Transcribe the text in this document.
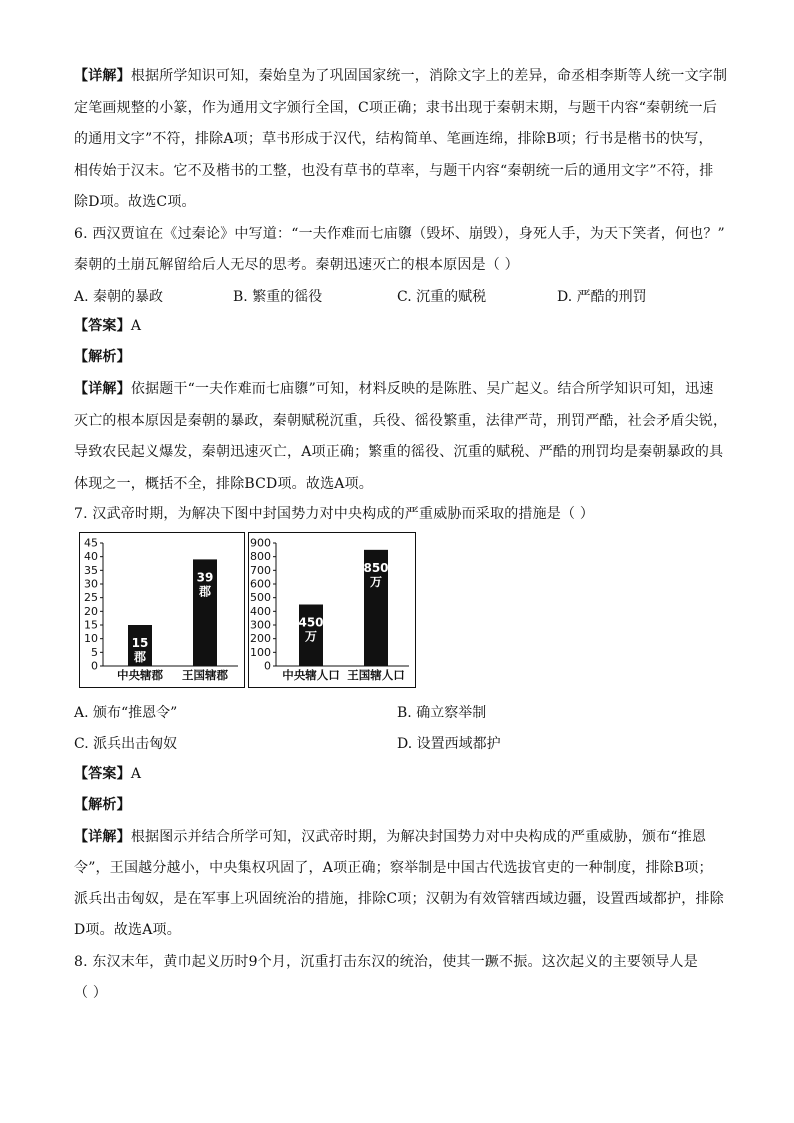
【详解】根据所学知识可知，秦始皇为了巩固国家统一，消除文字上的差异，命丞相李斯等人统一文字制
定笔画规整的小篆，作为通用文字颁行全国，C项正确；隶书出现于秦朝末期，与题干内容“秦朝统一后
的通用文字”不符，排除A项；草书形成于汉代，结构简单、笔画连绵，排除B项；行书是楷书的快写，
相传始于汉末。它不及楷书的工整，也没有草书的草率，与题干内容“秦朝统一后的通用文字”不符，排
除D项。故选C项。
6. 西汉贾谊在《过秦论》中写道：“一夫作难而七庙隳（毁坏、崩毁），身死人手，为天下笑者，何也？”
秦朝的土崩瓦解留给后人无尽的思考。秦朝迅速灭亡的根本原因是（ ）
A. 秦朝的暴政	B. 繁重的徭役	C. 沉重的赋税	D. 严酷的刑罚
【答案】A
【解析】
【详解】依据题干“一夫作难而七庙隳”可知，材料反映的是陈胜、吴广起义。结合所学知识可知，迅速
灭亡的根本原因是秦朝的暴政，秦朝赋税沉重，兵役、徭役繁重，法律严苛，刑罚严酷，社会矛盾尖锐，
导致农民起义爆发，秦朝迅速灭亡，A项正确；繁重的徭役、沉重的赋税、严酷的刑罚均是秦朝暴政的具
体现之一，概括不全，排除BCD项。故选A项。
7. 汉武帝时期，为解决下图中封国势力对中央构成的严重威胁而采取的措施是（ ）
0
5
10
15
20
25
30
35
40
45
15
郡
中央辖郡
39
郡
王国辖郡
0
100
200
300
400
500
600
700
800
900
450
万
中央辖人口
850
万
王国辖人口
A. 颁布“推恩令”	B. 确立察举制
C. 派兵出击匈奴	D. 设置西域都护
【答案】A
【解析】
【详解】根据图示并结合所学可知，汉武帝时期，为解决封国势力对中央构成的严重威胁，颁布“推恩
令”，王国越分越小，中央集权巩固了，A项正确；察举制是中国古代选拔官吏的一种制度，排除B项；
派兵出击匈奴，是在军事上巩固统治的措施，排除C项；汉朝为有效管辖西域边疆，设置西域都护，排除
D项。故选A项。
8. 东汉末年，黄巾起义历时9个月，沉重打击东汉的统治，使其一蹶不振。这次起义的主要领导人是
（ ）
